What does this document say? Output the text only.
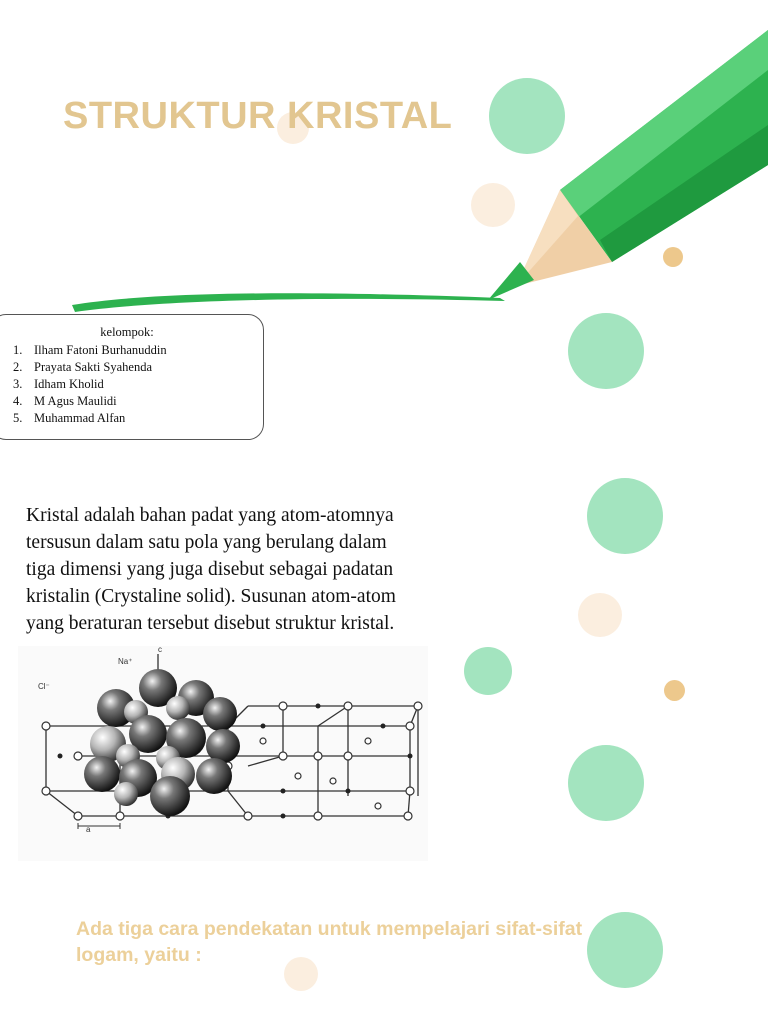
STRUKTUR KRISTAL
kelompok:
1. Ilham Fatoni Burhanuddin
2. Prayata Sakti Syahenda
3. Idham Kholid
4. M Agus Maulidi
5. Muhammad Alfan
Kristal adalah bahan padat yang atom-atomnya
tersusun dalam satu pola yang berulang dalam
tiga dimensi yang juga disebut sebagai padatan
kristalin (Crystaline solid). Susunan atom-atom
yang beraturan tersebut disebut struktur kristal.
Na⁺
Cl⁻
a
c
Ada tiga cara pendekatan untuk mempelajari sifat-sifat
logam, yaitu :
